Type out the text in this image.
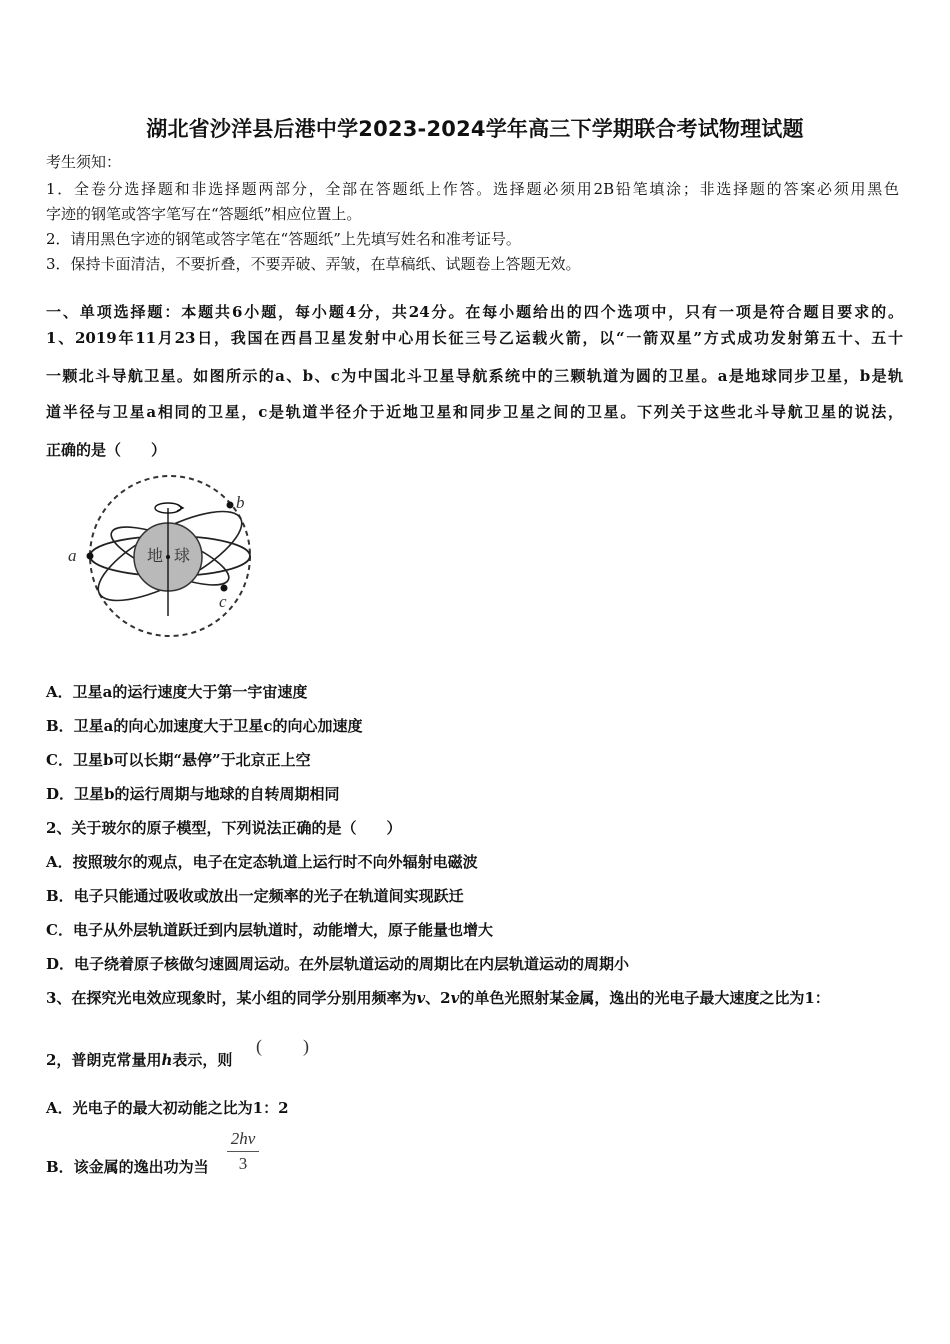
湖北省沙洋县后港中学2023-2024学年高三下学期联合考试物理试题
考生须知：
1．全卷分选择题和非选择题两部分，全部在答题纸上作答。选择题必须用2B铅笔填涂；非选择题的答案必须用黑色
字迹的钢笔或答字笔写在“答题纸”相应位置上。
2．请用黑色字迹的钢笔或答字笔在“答题纸”上先填写姓名和准考证号。
3．保持卡面清洁，不要折叠，不要弄破、弄皱，在草稿纸、试题卷上答题无效。
一、单项选择题：本题共6小题，每小题4分，共24分。在每小题给出的四个选项中，只有一项是符合题目要求的。
1、2019年11月23日，我国在西昌卫星发射中心用长征三号乙运载火箭，以“一箭双星”方式成功发射第五十、五十
一颗北斗导航卫星。如图所示的a、b、c为中国北斗卫星导航系统中的三颗轨道为圆的卫星。a是地球同步卫星，b是轨
道半径与卫星a相同的卫星，c是轨道半径介于近地卫星和同步卫星之间的卫星。下列关于这些北斗导航卫星的说法，
正确的是（　　）
地 球
a
b
c
A．卫星a的运行速度大于第一宇宙速度
B．卫星a的向心加速度大于卫星c的向心加速度
C．卫星b可以长期“悬停”于北京正上空
D．卫星b的运行周期与地球的自转周期相同
2、关于玻尔的原子模型，下列说法正确的是（　　）
A．按照玻尔的观点，电子在定态轨道上运行时不向外辐射电磁波
B．电子只能通过吸收或放出一定频率的光子在轨道间实现跃迁
C．电子从外层轨道跃迁到内层轨道时，动能增大，原子能量也增大
D．电子绕着原子核做匀速圆周运动。在外层轨道运动的周期比在内层轨道运动的周期小
3、在探究光电效应现象时，某小组的同学分别用频率为v、2v的单色光照射某金属，逸出的光电子最大速度之比为1：
2，普朗克常量用h表示，则
( )
A．光电子的最大初动能之比为1：2
B．该金属的逸出功为当
2hv
3
